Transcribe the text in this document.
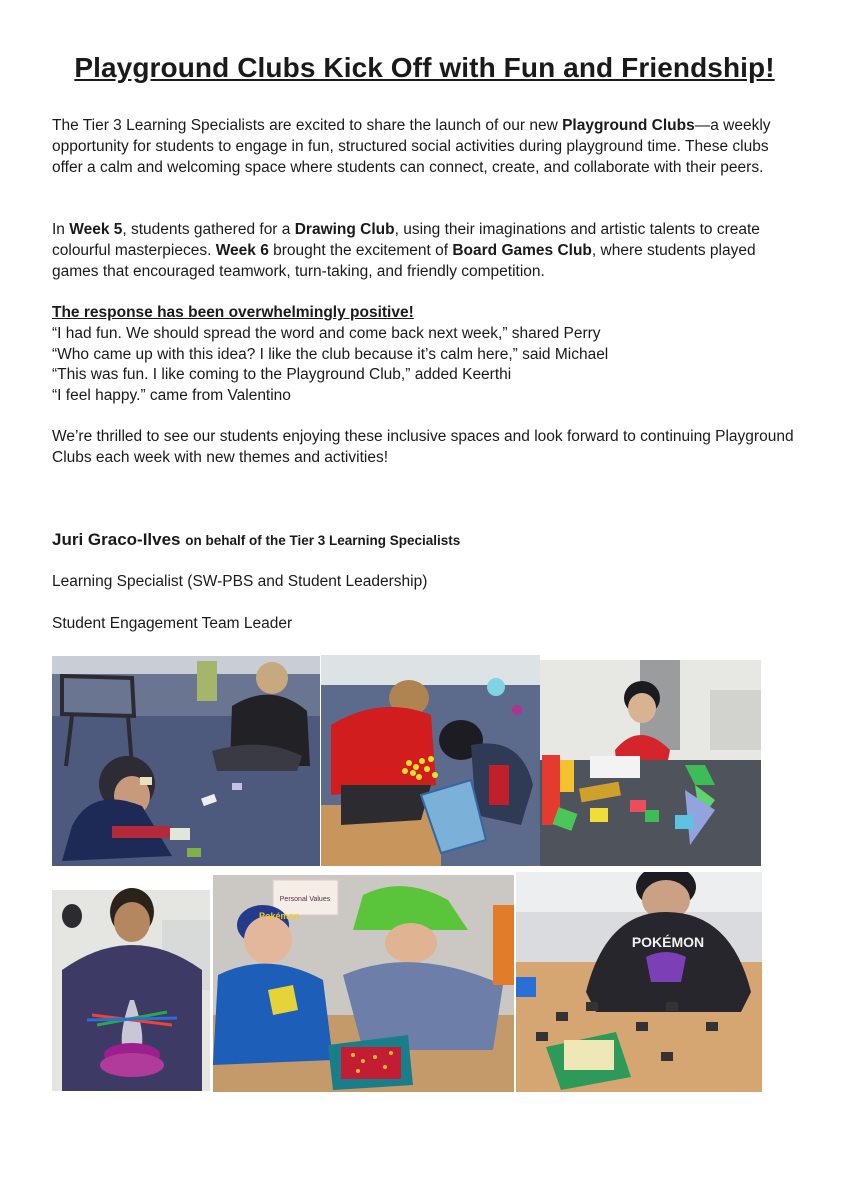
Playground Clubs Kick Off with Fun and Friendship!

The Tier 3 Learning Specialists are excited to share the launch of our new Playground Clubs—a weekly opportunity for students to engage in fun, structured social activities during playground time. These clubs offer a calm and welcoming space where students can connect, create, and collaborate with their peers.

In Week 5, students gathered for a Drawing Club, using their imaginations and artistic talents to create colourful masterpieces. Week 6 brought the excitement of Board Games Club, where students played games that encouraged teamwork, turn-taking, and friendly competition.

The response has been overwhelmingly positive!
“I had fun. We should spread the word and come back next week,” shared Perry
“Who came up with this idea? I like the club because it’s calm here,” said Michael
“This was fun. I like coming to the Playground Club,” added Keerthi
“I feel happy.” came from Valentino

We’re thrilled to see our students enjoying these inclusive spaces and look forward to continuing Playground Clubs each week with new themes and activities!

Juri Graco-Ilves on behalf of the Tier 3 Learning Specialists

Learning Specialist (SW-PBS and Student Leadership)

Student Engagement Team Leader

Personal Values
Pokémon
POKÉMON
